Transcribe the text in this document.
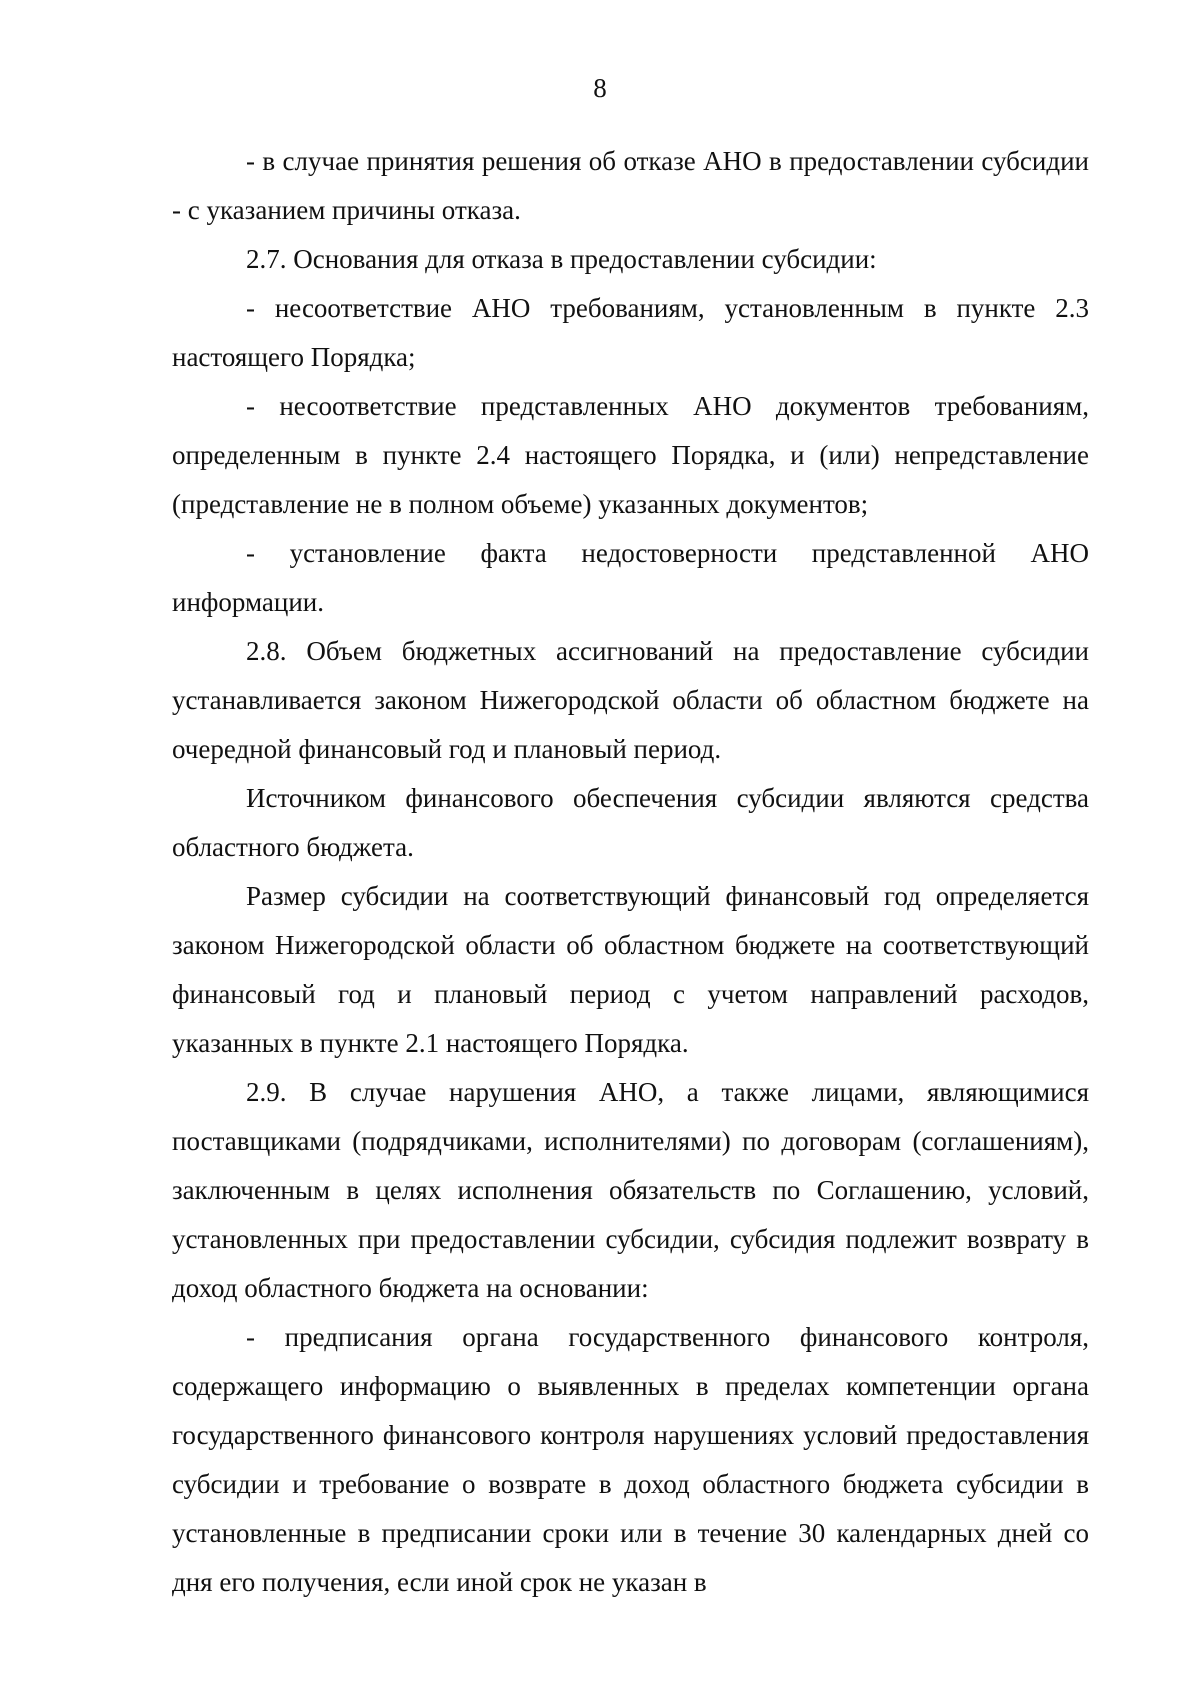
8

- в случае принятия решения об отказе АНО в предоставлении субсидии - с указанием причины отказа.

2.7. Основания для отказа в предоставлении субсидии:

- несоответствие АНО требованиям, установленным в пункте 2.3 настоящего Порядка;

- несоответствие представленных АНО документов требованиям, определенным в пункте 2.4 настоящего Порядка, и (или) непредставление (представление не в полном объеме) указанных документов;

- установление факта недостоверности представленной АНО информации.

2.8. Объем бюджетных ассигнований на предоставление субсидии устанавливается законом Нижегородской области об областном бюджете на очередной финансовый год и плановый период.

Источником финансового обеспечения субсидии являются средства областного бюджета.

Размер субсидии на соответствующий финансовый год определяется законом Нижегородской области об областном бюджете на соответствующий финансовый год и плановый период с учетом направлений расходов, указанных в пункте 2.1 настоящего Порядка.

2.9. В случае нарушения АНО, а также лицами, являющимися поставщиками (подрядчиками, исполнителями) по договорам (соглашениям), заключенным в целях исполнения обязательств по Соглашению, условий, установленных при предоставлении субсидии, субсидия подлежит возврату в доход областного бюджета на основании:

- предписания органа государственного финансового контроля, содержащего информацию о выявленных в пределах компетенции органа государственного финансового контроля нарушениях условий предоставления субсидии и требование о возврате в доход областного бюджета субсидии в установленные в предписании сроки или в течение 30 календарных дней со дня его получения, если иной срок не указан в
